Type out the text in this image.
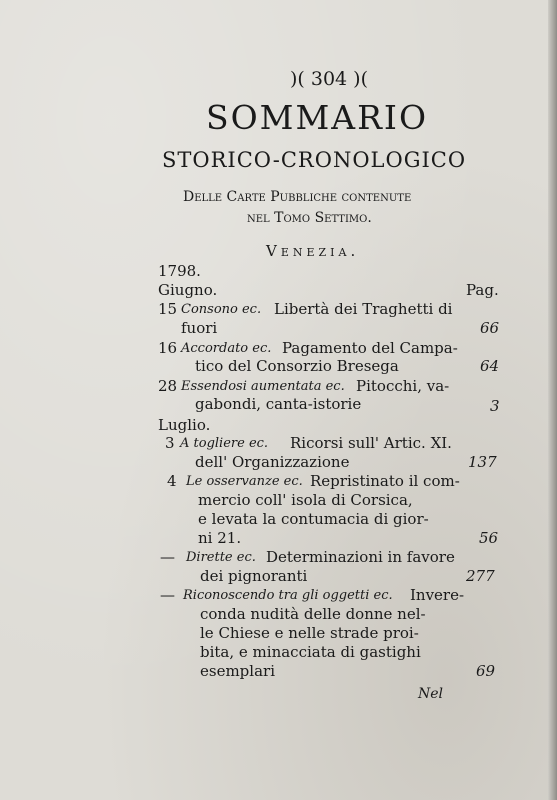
)( 304 )(
SOMMARIO
STORICO-CRONOLOGICO
Delle Carte Pubbliche contenute
nel Tomo Settimo.
Venezia.
1798.
Giugno.	Pag.
15 Consono ec. Libertà dei Traghetti di
fuori	66
16 Accordato ec. Pagamento del Campa-
tico del Consorzio Bresega	64
28 Essendosi aumentata ec. Pitocchi, va-
gabondi, canta-istorie	3
Luglio.
3 A togliere ec. Ricorsi sull' Artic. XI.
dell' Organizzazione	137
4 Le osservanze ec. Repristinato il com-
mercio coll' isola di Corsica,
e levata la contumacia di gior-
ni 21.	56
— Dirette ec. Determinazioni in favore
dei pignoranti	277
— Riconoscendo tra gli oggetti ec. Invere-
conda nudità delle donne nel-
le Chiese e nelle strade proi-
bita, e minacciata di gastighi
esemplari	69
Nel
